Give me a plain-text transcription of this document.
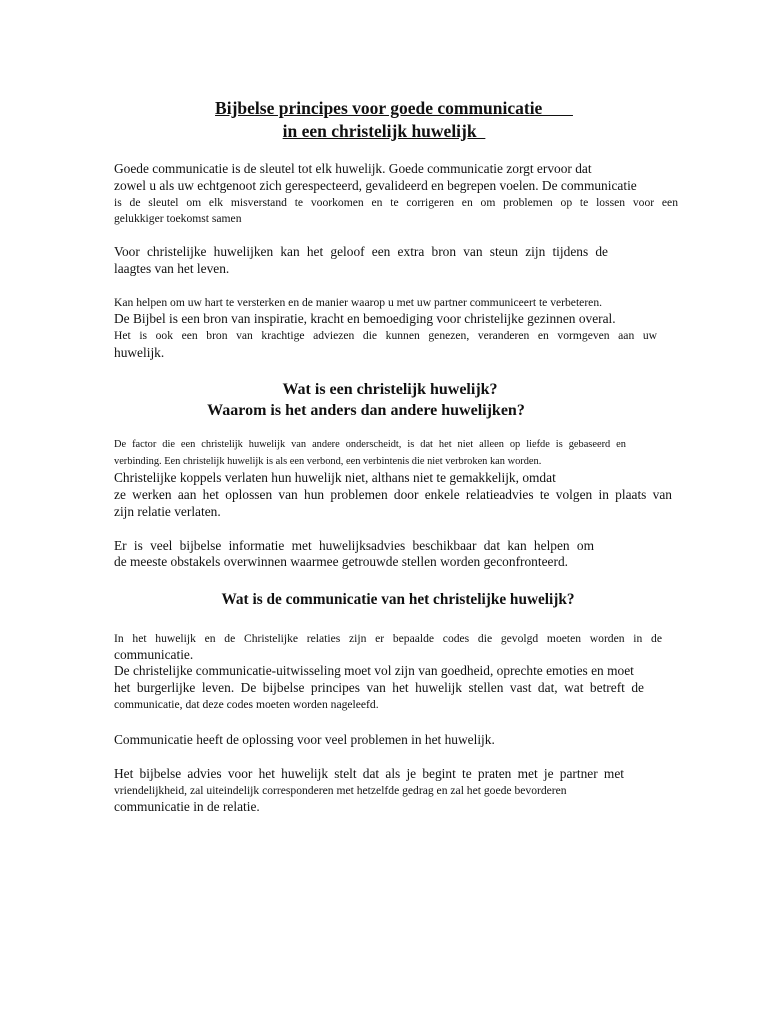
Bijbelse principes voor goede communicatie
in een christelijk huwelijk
Goede communicatie is de sleutel tot elk huwelijk. Goede communicatie zorgt ervoor dat
zowel u als uw echtgenoot zich gerespecteerd, gevalideerd en begrepen voelen. De communicatie
is de sleutel om elk misverstand te voorkomen en te corrigeren en om problemen op te lossen voor een
gelukkiger toekomst samen
Voor christelijke huwelijken kan het geloof een extra bron van steun zijn tijdens de
laagtes van het leven.
Kan helpen om uw hart te versterken en de manier waarop u met uw partner communiceert te verbeteren.
De Bijbel is een bron van inspiratie, kracht en bemoediging voor christelijke gezinnen overal.
Het is ook een bron van krachtige adviezen die kunnen genezen, veranderen en vormgeven aan uw
huwelijk.
Wat is een christelijk huwelijk?
Waarom is het anders dan andere huwelijken?
De factor die een christelijk huwelijk van andere onderscheidt, is dat het niet alleen op liefde is gebaseerd en
verbinding. Een christelijk huwelijk is als een verbond, een verbintenis die niet verbroken kan worden.
Christelijke koppels verlaten hun huwelijk niet, althans niet te gemakkelijk, omdat
ze werken aan het oplossen van hun problemen door enkele relatieadvies te volgen in plaats van
zijn relatie verlaten.
Er is veel bijbelse informatie met huwelijksadvies beschikbaar dat kan helpen om
de meeste obstakels overwinnen waarmee getrouwde stellen worden geconfronteerd.
Wat is de communicatie van het christelijke huwelijk?
In het huwelijk en de Christelijke relaties zijn er bepaalde codes die gevolgd moeten worden in de
communicatie.
De christelijke communicatie-uitwisseling moet vol zijn van goedheid, oprechte emoties en moet
het burgerlijke leven. De bijbelse principes van het huwelijk stellen vast dat, wat betreft de
communicatie, dat deze codes moeten worden nageleefd.
Communicatie heeft de oplossing voor veel problemen in het huwelijk.
Het bijbelse advies voor het huwelijk stelt dat als je begint te praten met je partner met
vriendelijkheid, zal uiteindelijk corresponderen met hetzelfde gedrag en zal het goede bevorderen
communicatie in de relatie.
